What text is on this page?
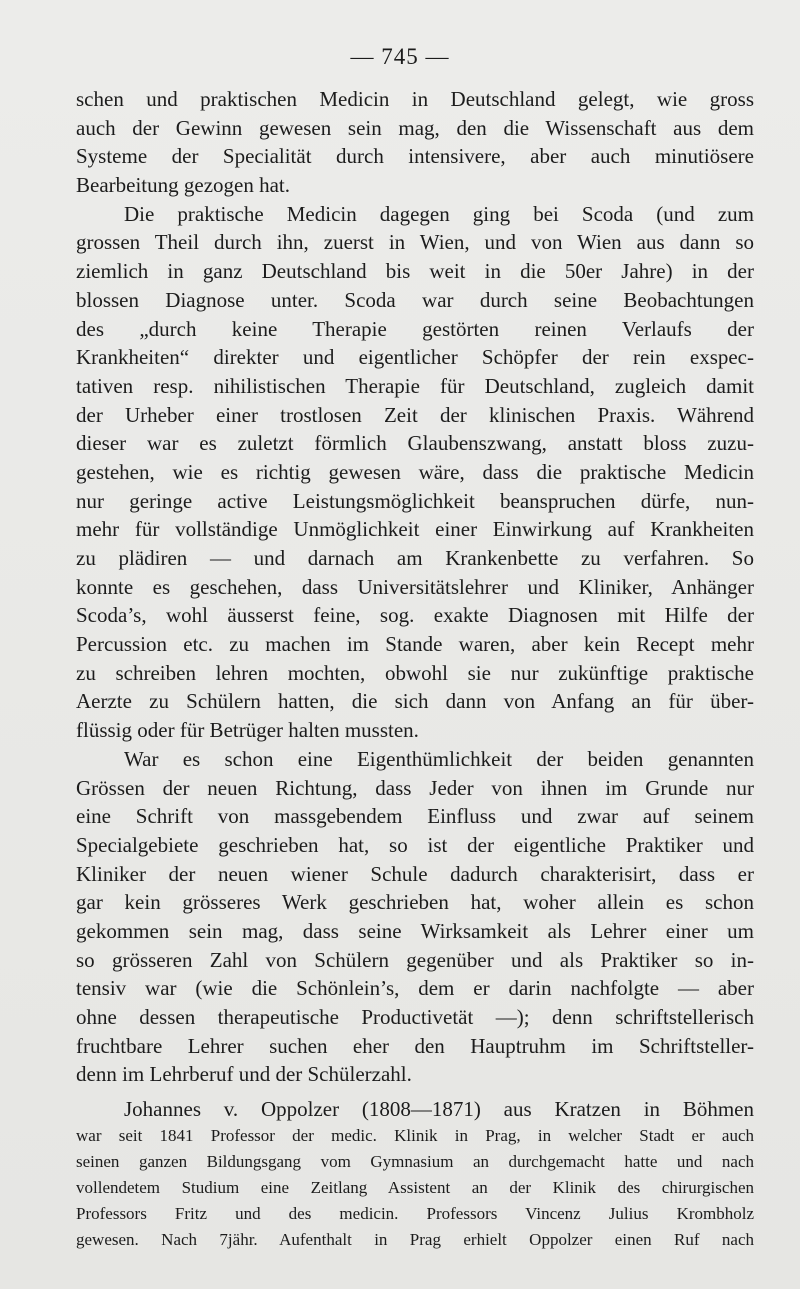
— 745 —
schen und praktischen Medicin in Deutschland gelegt, wie gross
auch der Gewinn gewesen sein mag, den die Wissenschaft aus dem
Systeme der Specialität durch intensivere, aber auch minutiösere
Bearbeitung gezogen hat.
Die praktische Medicin dagegen ging bei Scoda (und zum
grossen Theil durch ihn, zuerst in Wien, und von Wien aus dann so
ziemlich in ganz Deutschland bis weit in die 50er Jahre) in der
blossen Diagnose unter. Scoda war durch seine Beobachtungen
des „durch keine Therapie gestörten reinen Verlaufs der
Krankheiten“ direkter und eigentlicher Schöpfer der rein exspec-
tativen resp. nihilistischen Therapie für Deutschland, zugleich damit
der Urheber einer trostlosen Zeit der klinischen Praxis. Während
dieser war es zuletzt förmlich Glaubenszwang, anstatt bloss zuzu-
gestehen, wie es richtig gewesen wäre, dass die praktische Medicin
nur geringe active Leistungsmöglichkeit beanspruchen dürfe, nun-
mehr für vollständige Unmöglichkeit einer Einwirkung auf Krankheiten
zu plädiren — und darnach am Krankenbette zu verfahren. So
konnte es geschehen, dass Universitätslehrer und Kliniker, Anhänger
Scoda’s, wohl äusserst feine, sog. exakte Diagnosen mit Hilfe der
Percussion etc. zu machen im Stande waren, aber kein Recept mehr
zu schreiben lehren mochten, obwohl sie nur zukünftige praktische
Aerzte zu Schülern hatten, die sich dann von Anfang an für über-
flüssig oder für Betrüger halten mussten.
War es schon eine Eigenthümlichkeit der beiden genannten
Grössen der neuen Richtung, dass Jeder von ihnen im Grunde nur
eine Schrift von massgebendem Einfluss und zwar auf seinem
Specialgebiete geschrieben hat, so ist der eigentliche Praktiker und
Kliniker der neuen wiener Schule dadurch charakterisirt, dass er
gar kein grösseres Werk geschrieben hat, woher allein es schon
gekommen sein mag, dass seine Wirksamkeit als Lehrer einer um
so grösseren Zahl von Schülern gegenüber und als Praktiker so in-
tensiv war (wie die Schönlein’s, dem er darin nachfolgte — aber
ohne dessen therapeutische Productivetät —); denn schriftstellerisch
fruchtbare Lehrer suchen eher den Hauptruhm im Schriftsteller-
denn im Lehrberuf und der Schülerzahl.
Johannes v. Oppolzer (1808—1871) aus Kratzen in Böhmen
war seit 1841 Professor der medic. Klinik in Prag, in welcher Stadt er auch
seinen ganzen Bildungsgang vom Gymnasium an durchgemacht hatte und nach
vollendetem Studium eine Zeitlang Assistent an der Klinik des chirurgischen
Professors Fritz und des medicin. Professors Vincenz Julius Krombholz
gewesen. Nach 7jähr. Aufenthalt in Prag erhielt Oppolzer einen Ruf nach
